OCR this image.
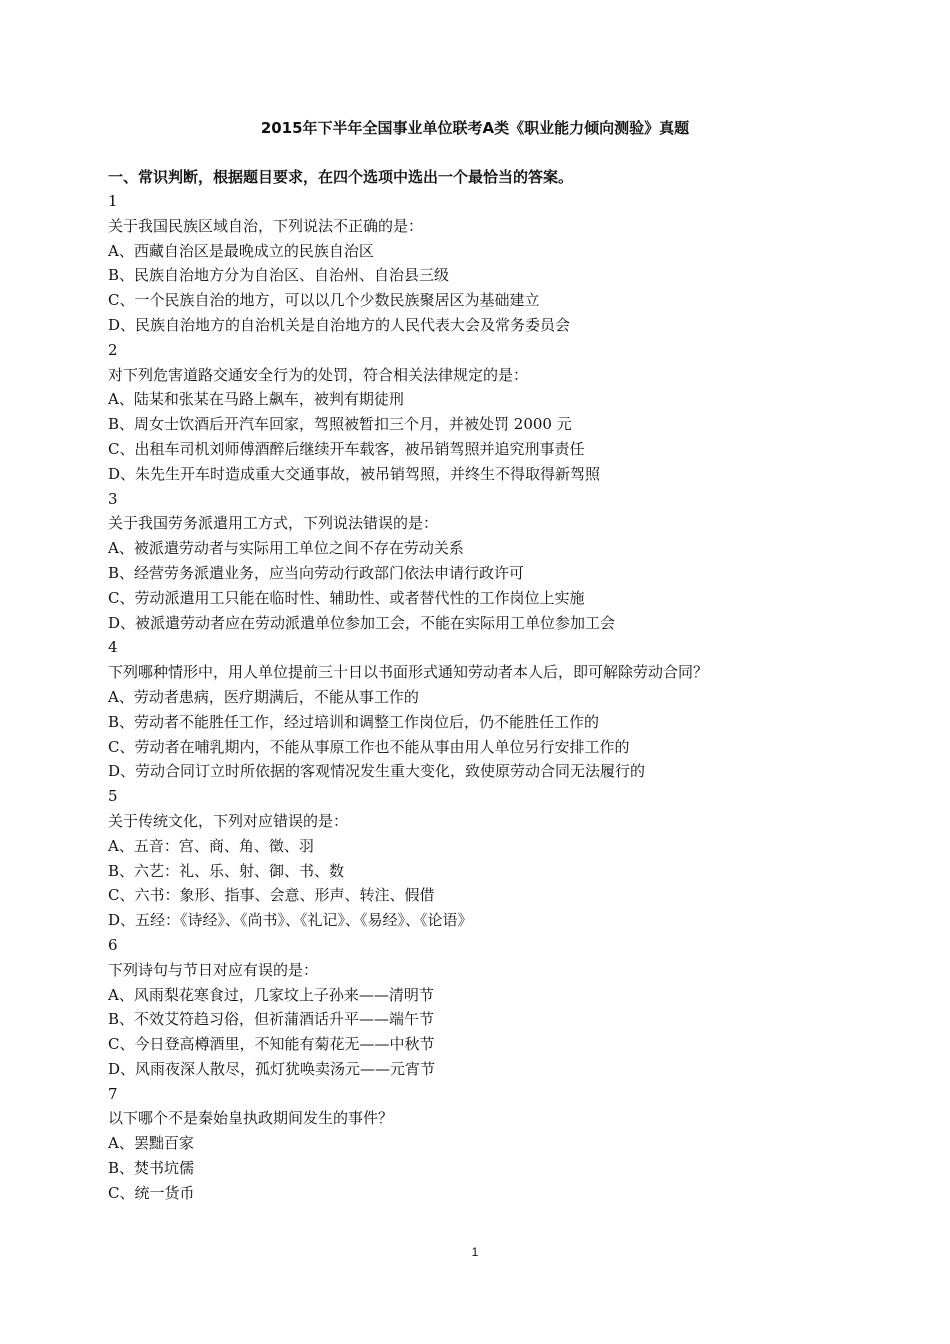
2015年下半年全国事业单位联考A类《职业能力倾向测验》真题
一、常识判断，根据题目要求，在四个选项中选出一个最恰当的答案。
1
关于我国民族区域自治，下列说法不正确的是：
A、西藏自治区是最晚成立的民族自治区
B、民族自治地方分为自治区、自治州、自治县三级
C、一个民族自治的地方，可以以几个少数民族聚居区为基础建立
D、民族自治地方的自治机关是自治地方的人民代表大会及常务委员会
2
对下列危害道路交通安全行为的处罚，符合相关法律规定的是：
A、陆某和张某在马路上飙车，被判有期徒刑
B、周女士饮酒后开汽车回家，驾照被暂扣三个月，并被处罚 2000 元
C、出租车司机刘师傅酒醉后继续开车载客，被吊销驾照并追究刑事责任
D、朱先生开车时造成重大交通事故，被吊销驾照，并终生不得取得新驾照
3
关于我国劳务派遣用工方式，下列说法错误的是：
A、被派遣劳动者与实际用工单位之间不存在劳动关系
B、经营劳务派遣业务，应当向劳动行政部门依法申请行政许可
C、劳动派遣用工只能在临时性、辅助性、或者替代性的工作岗位上实施
D、被派遣劳动者应在劳动派遣单位参加工会，不能在实际用工单位参加工会
4
下列哪种情形中，用人单位提前三十日以书面形式通知劳动者本人后，即可解除劳动合同？
A、劳动者患病，医疗期满后，不能从事工作的
B、劳动者不能胜任工作，经过培训和调整工作岗位后，仍不能胜任工作的
C、劳动者在哺乳期内，不能从事原工作也不能从事由用人单位另行安排工作的
D、劳动合同订立时所依据的客观情况发生重大变化，致使原劳动合同无法履行的
5
关于传统文化，下列对应错误的是：
A、五音：宫、商、角、徵、羽
B、六艺：礼、乐、射、御、书、数
C、六书：象形、指事、会意、形声、转注、假借
D、五经：《诗经》、《尚书》、《礼记》、《易经》、《论语》
6
下列诗句与节日对应有误的是：
A、风雨梨花寒食过，几家坟上子孙来——清明节
B、不效艾符趋习俗，但祈蒲酒话升平——端午节
C、今日登高樽酒里，不知能有菊花无——中秋节
D、风雨夜深人散尽，孤灯犹唤卖汤元——元宵节
7
以下哪个不是秦始皇执政期间发生的事件？
A、罢黜百家
B、焚书坑儒
C、统一货币
1
